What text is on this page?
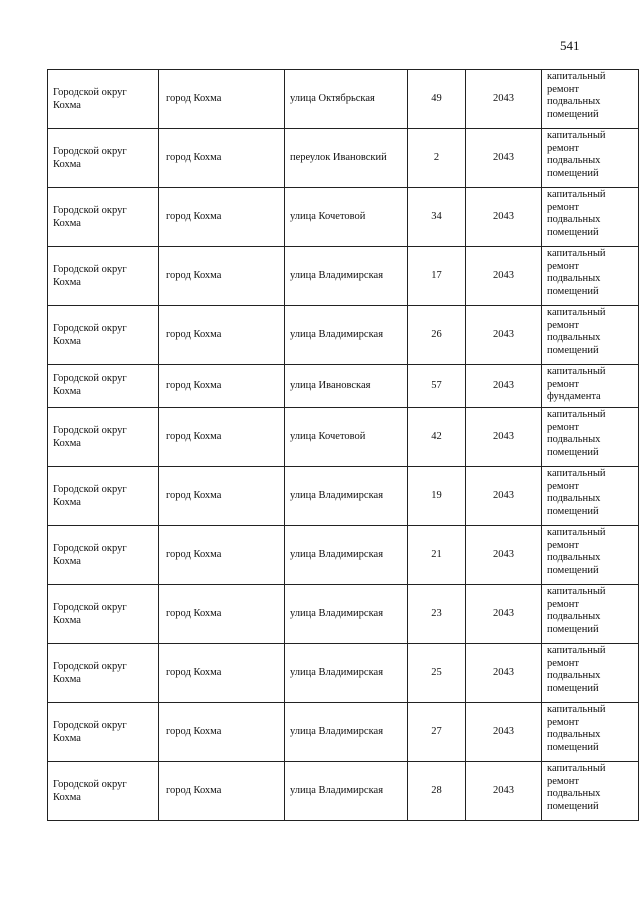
541
Городской округ Кохма	город Кохма	улица Октябрьская	49	2043	капитальный ремонт подвальных помещений
Городской округ Кохма	город Кохма	переулок Ивановский	2	2043	капитальный ремонт подвальных помещений
Городской округ Кохма	город Кохма	улица Кочетовой	34	2043	капитальный ремонт подвальных помещений
Городской округ Кохма	город Кохма	улица Владимирская	17	2043	капитальный ремонт подвальных помещений
Городской округ Кохма	город Кохма	улица Владимирская	26	2043	капитальный ремонт подвальных помещений
Городской округ Кохма	город Кохма	улица Ивановская	57	2043	капитальный ремонт фундамента
Городской округ Кохма	город Кохма	улица Кочетовой	42	2043	капитальный ремонт подвальных помещений
Городской округ Кохма	город Кохма	улица Владимирская	19	2043	капитальный ремонт подвальных помещений
Городской округ Кохма	город Кохма	улица Владимирская	21	2043	капитальный ремонт подвальных помещений
Городской округ Кохма	город Кохма	улица Владимирская	23	2043	капитальный ремонт подвальных помещений
Городской округ Кохма	город Кохма	улица Владимирская	25	2043	капитальный ремонт подвальных помещений
Городской округ Кохма	город Кохма	улица Владимирская	27	2043	капитальный ремонт подвальных помещений
Городской округ Кохма	город Кохма	улица Владимирская	28	2043	капитальный ремонт подвальных помещений
